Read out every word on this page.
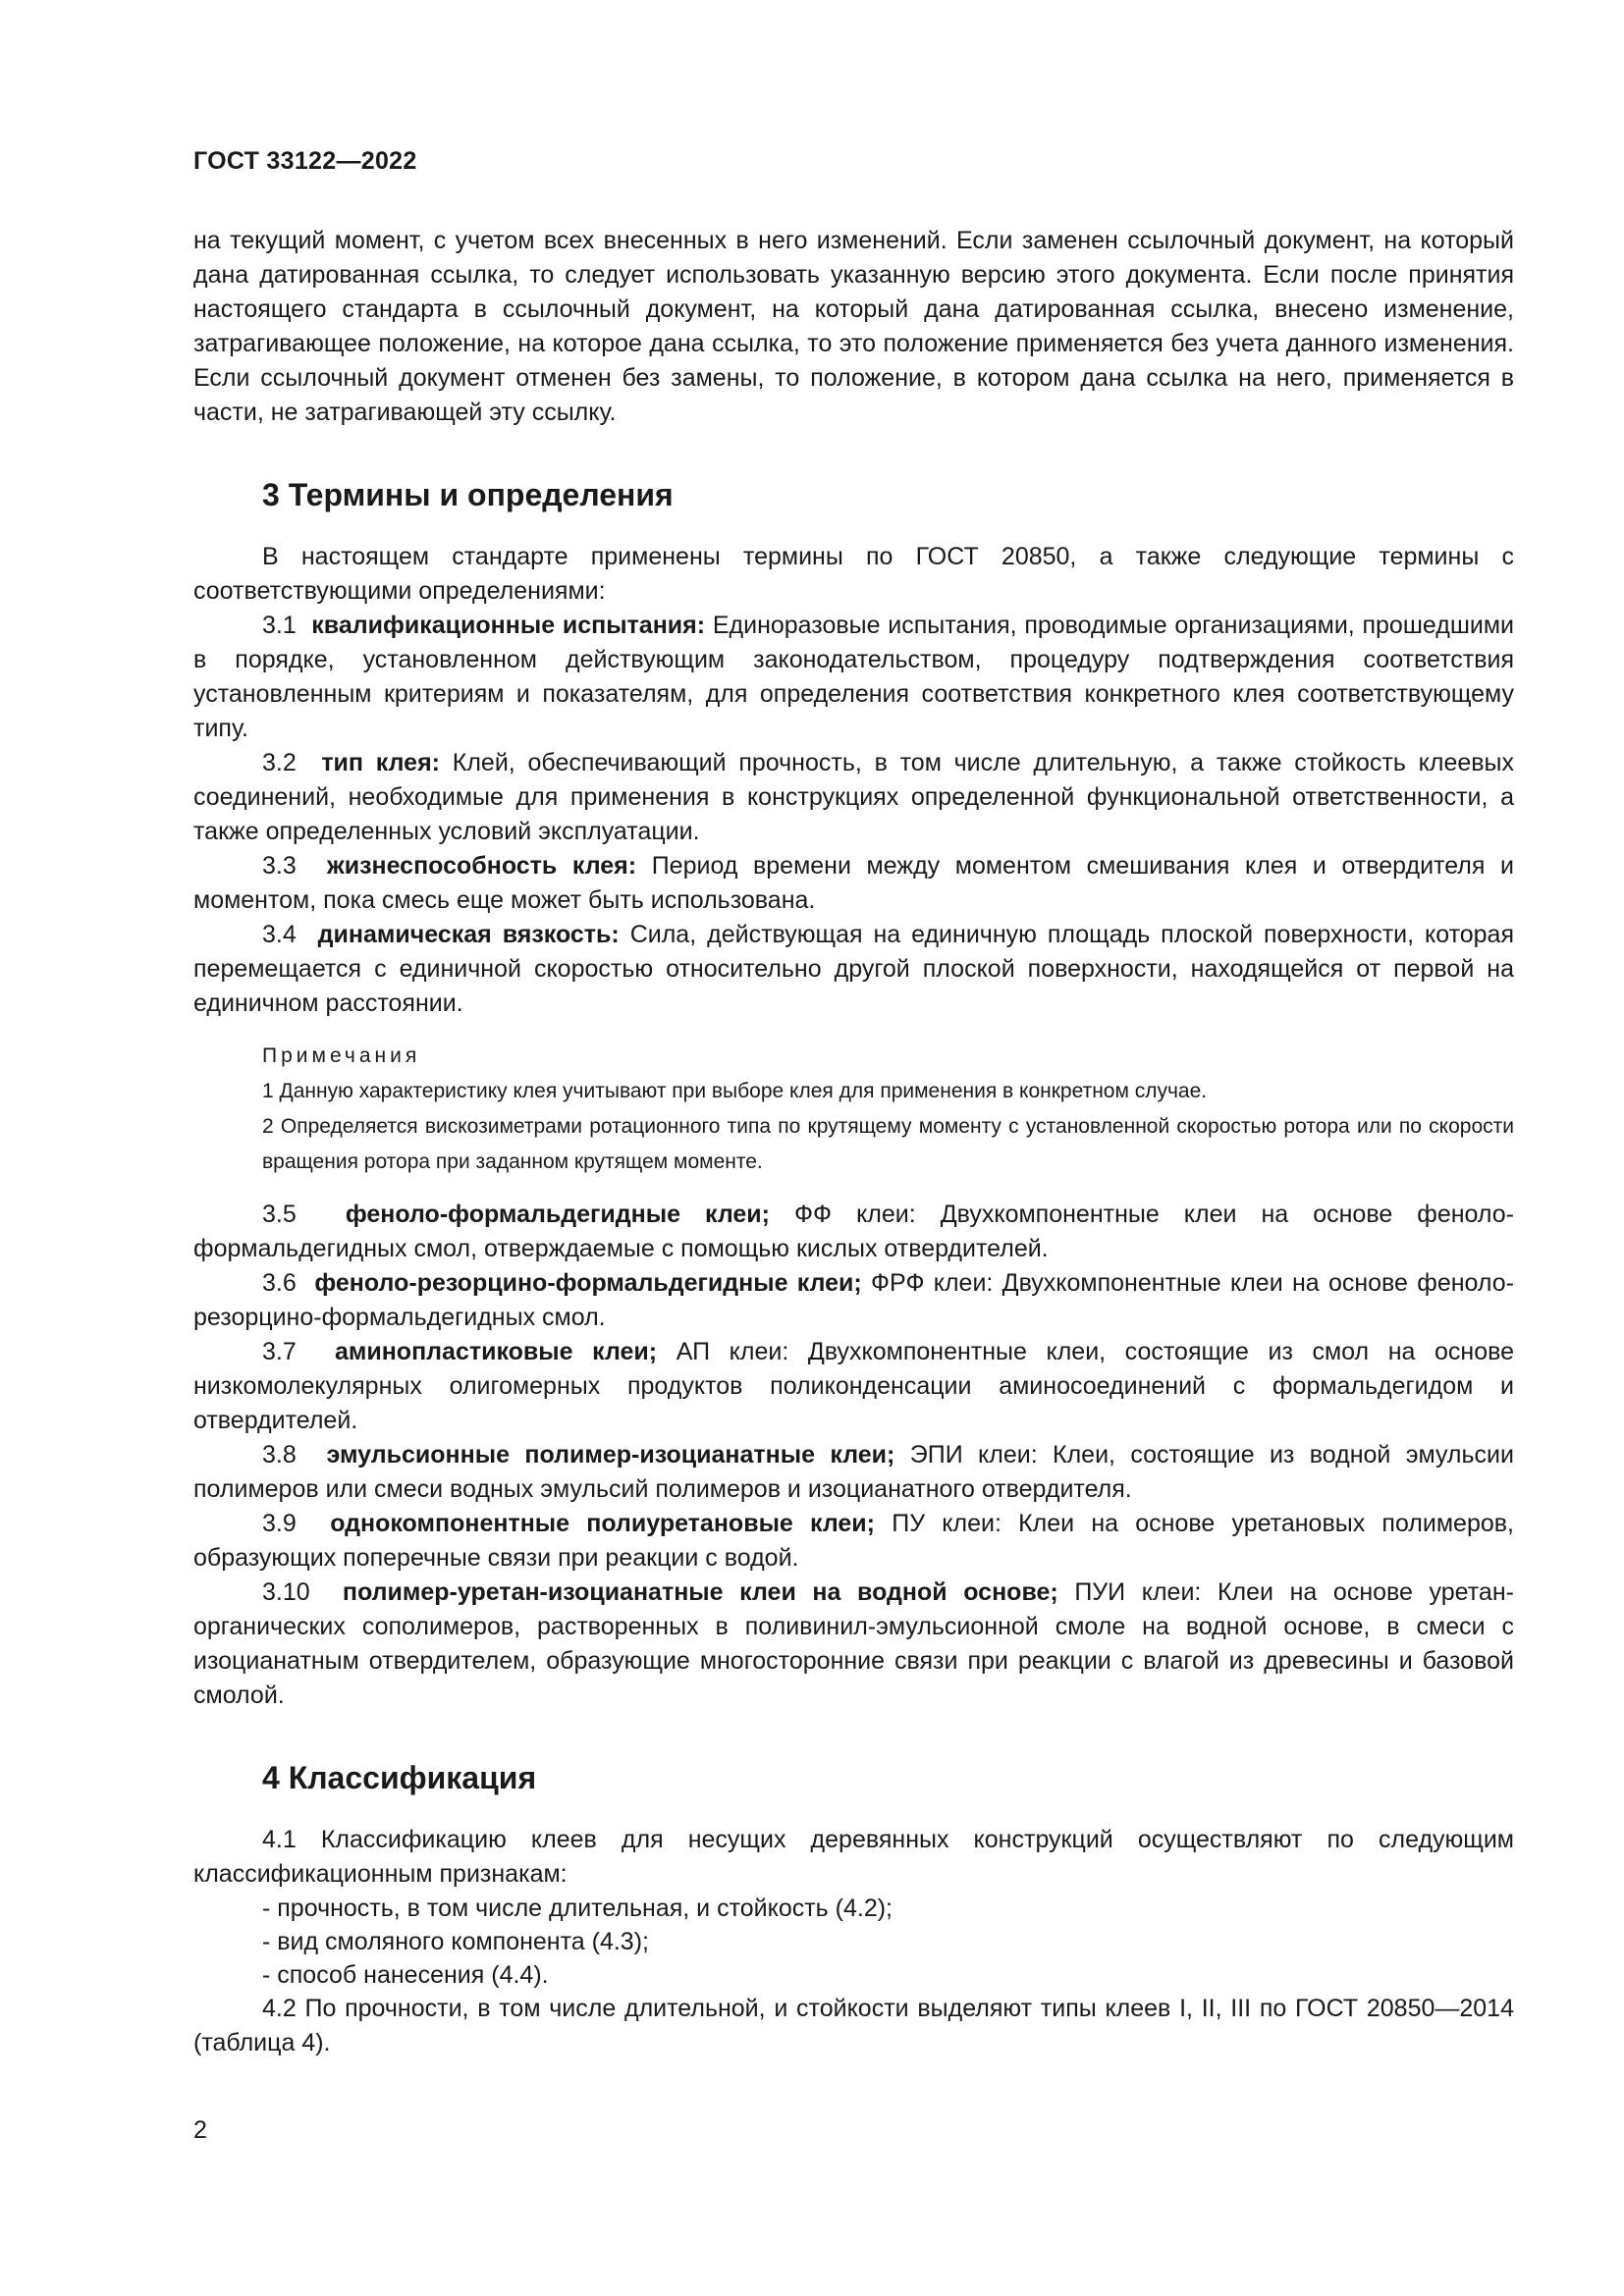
ГОСТ 33122—2022

на текущий момент, с учетом всех внесенных в него изменений. Если заменен ссылочный документ, на который дана датированная ссылка, то следует использовать указанную версию этого документа. Если после принятия настоящего стандарта в ссылочный документ, на который дана датированная ссылка, внесено изменение, затрагивающее положение, на которое дана ссылка, то это положение применяется без учета данного изменения. Если ссылочный документ отменен без замены, то положение, в котором дана ссылка на него, применяется в части, не затрагивающей эту ссылку.

3 Термины и определения

В настоящем стандарте применены термины по ГОСТ 20850, а также следующие термины с соответствующими определениями:

3.1 квалификационные испытания: Единоразовые испытания, проводимые организациями, прошедшими в порядке, установленном действующим законодательством, процедуру подтверждения соответствия установленным критериям и показателям, для определения соответствия конкретного клея соответствующему типу.

3.2 тип клея: Клей, обеспечивающий прочность, в том числе длительную, а также стойкость клеевых соединений, необходимые для применения в конструкциях определенной функциональной ответственности, а также определенных условий эксплуатации.

3.3 жизнеспособность клея: Период времени между моментом смешивания клея и отвердителя и моментом, пока смесь еще может быть использована.

3.4 динамическая вязкость: Сила, действующая на единичную площадь плоской поверхности, которая перемещается с единичной скоростью относительно другой плоской поверхности, находящейся от первой на единичном расстоянии.

Примечания

1 Данную характеристику клея учитывают при выборе клея для применения в конкретном случае.

2 Определяется вискозиметрами ротационного типа по крутящему моменту с установленной скоростью ротора или по скорости вращения ротора при заданном крутящем моменте.

3.5 феноло-формальдегидные клеи; ФФ клеи: Двухкомпонентные клеи на основе феноло-формальдегидных смол, отверждаемые с помощью кислых отвердителей.

3.6 феноло-резорцино-формальдегидные клеи; ФРФ клеи: Двухкомпонентные клеи на основе феноло-резорцино-формальдегидных смол.

3.7 аминопластиковые клеи; АП клеи: Двухкомпонентные клеи, состоящие из смол на основе низкомолекулярных олигомерных продуктов поликонденсации аминосоединений с формальдегидом и отвердителей.

3.8 эмульсионные полимер-изоцианатные клеи; ЭПИ клеи: Клеи, состоящие из водной эмульсии полимеров или смеси водных эмульсий полимеров и изоцианатного отвердителя.

3.9 однокомпонентные полиуретановые клеи; ПУ клеи: Клеи на основе уретановых полимеров, образующих поперечные связи при реакции с водой.

3.10 полимер-уретан-изоцианатные клеи на водной основе; ПУИ клеи: Клеи на основе уретан-органических сополимеров, растворенных в поливинил-эмульсионной смоле на водной основе, в смеси с изоцианатным отвердителем, образующие многосторонние связи при реакции с влагой из древесины и базовой смолой.

4 Классификация

4.1 Классификацию клеев для несущих деревянных конструкций осуществляют по следующим классификационным признакам:

- прочность, в том числе длительная, и стойкость (4.2);

- вид смоляного компонента (4.3);

- способ нанесения (4.4).

4.2 По прочности, в том числе длительной, и стойкости выделяют типы клеев I, II, III по ГОСТ 20850—2014 (таблица 4).

2
